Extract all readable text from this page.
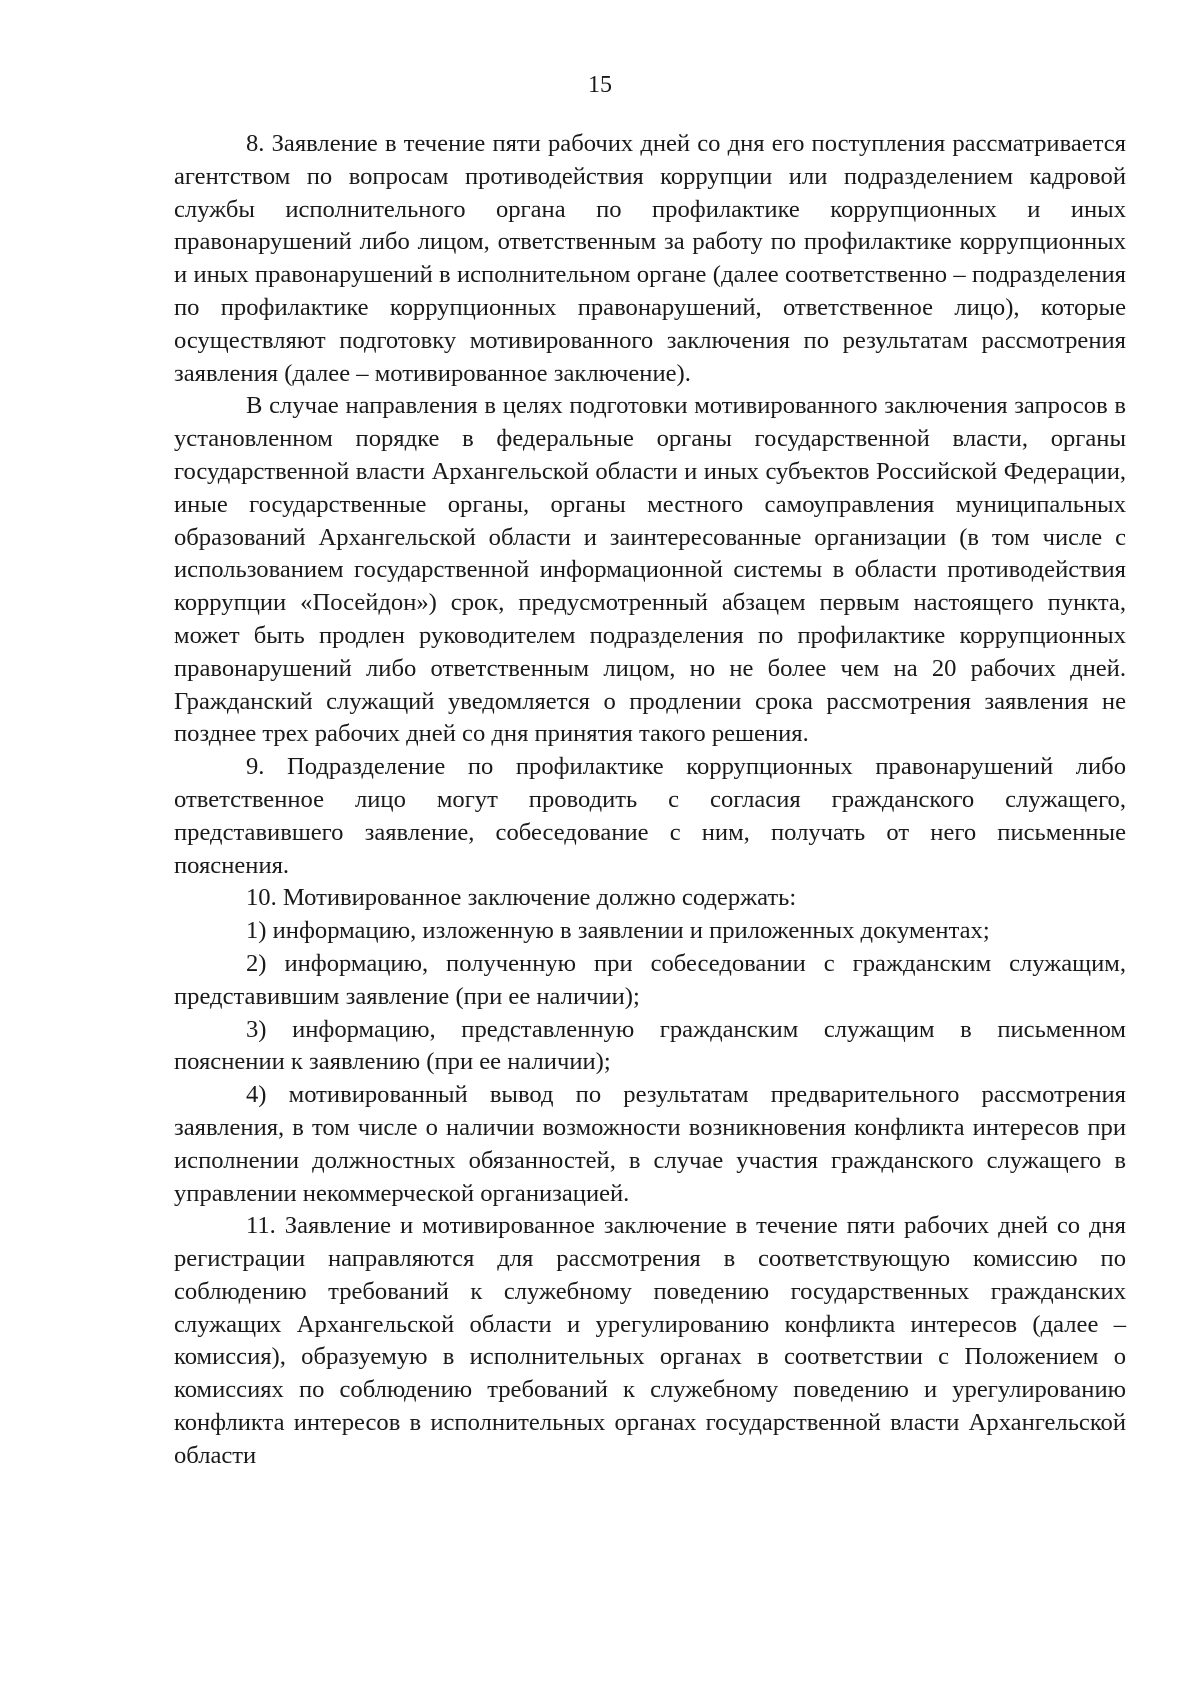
15

8. Заявление в течение пяти рабочих дней со дня его поступления рассматривается агентством по вопросам противодействия коррупции или подразделением кадровой службы исполнительного органа по профилактике коррупционных и иных правонарушений либо лицом, ответственным за работу по профилактике коррупционных и иных правонарушений в исполнительном органе (далее соответственно – подразделения по профилактике коррупционных правонарушений, ответственное лицо), которые осуществляют подготовку мотивированного заключения по результатам рассмотрения заявления (далее – мотивированное заключение).

В случае направления в целях подготовки мотивированного заключения запросов в установленном порядке в федеральные органы государственной власти, органы государственной власти Архангельской области и иных субъектов Российской Федерации, иные государственные органы, органы местного самоуправления муниципальных образований Архангельской области и заинтересованные организации (в том числе с использованием государственной информационной системы в области противодействия коррупции «Посейдон») срок, предусмотренный абзацем первым настоящего пункта, может быть продлен руководителем подразделения по профилактике коррупционных правонарушений либо ответственным лицом, но не более чем на 20 рабочих дней. Гражданский служащий уведомляется о продлении срока рассмотрения заявления не позднее трех рабочих дней со дня принятия такого решения.

9. Подразделение по профилактике коррупционных правонарушений либо ответственное лицо могут проводить с согласия гражданского служащего, представившего заявление, собеседование с ним, получать от него письменные пояснения.

10. Мотивированное заключение должно содержать:

1) информацию, изложенную в заявлении и приложенных документах;

2) информацию, полученную при собеседовании с гражданским служащим, представившим заявление (при ее наличии);

3) информацию, представленную гражданским служащим в письменном пояснении к заявлению (при ее наличии);

4) мотивированный вывод по результатам предварительного рассмотрения заявления, в том числе о наличии возможности возникновения конфликта интересов при исполнении должностных обязанностей, в случае участия гражданского служащего в управлении некоммерческой организацией.

11. Заявление и мотивированное заключение в течение пяти рабочих дней со дня регистрации направляются для рассмотрения в соответствующую комиссию по соблюдению требований к служебному поведению государственных гражданских служащих Архангельской области и урегулированию конфликта интересов (далее – комиссия), образуемую в исполнительных органах в соответствии с Положением о комиссиях по соблюдению требований к служебному поведению и урегулированию конфликта интересов в исполнительных органах государственной власти Архангельской области
